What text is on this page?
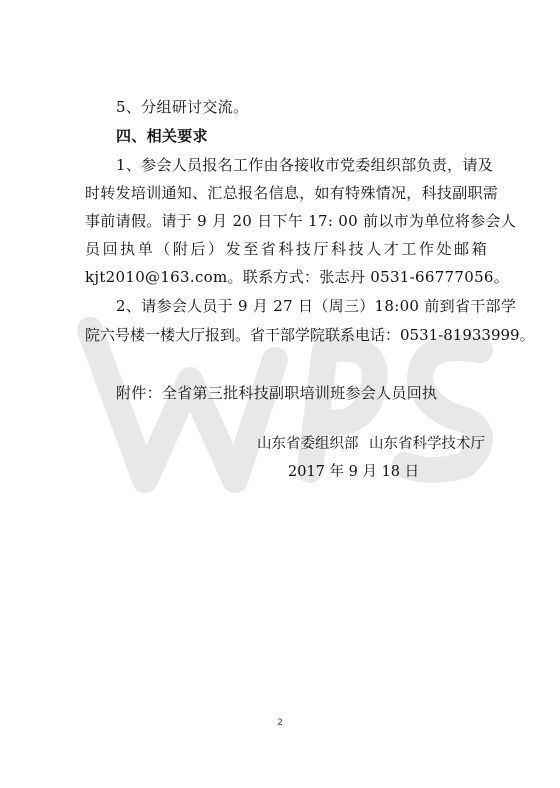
5、分组研讨交流。
四、相关要求
1、参会人员报名工作由各接收市党委组织部负责，请及
时转发培训通知、汇总报名信息，如有特殊情况，科技副职需
事前请假。请于 9 月 20 日下午 17: 00 前以市为单位将参会人
员回执单（附后）发至省科技厅科技人才工作处邮箱
kjt2010@163.com。联系方式：张志丹 0531-66777056。
2、请参会人员于 9 月 27 日（周三）18:00 前到省干部学
院六号楼一楼大厅报到。省干部学院联系电话：0531-81933999。
附件：全省第三批科技副职培训班参会人员回执
山东省委组织部 山东省科学技术厅
2017 年 9 月 18 日
2
